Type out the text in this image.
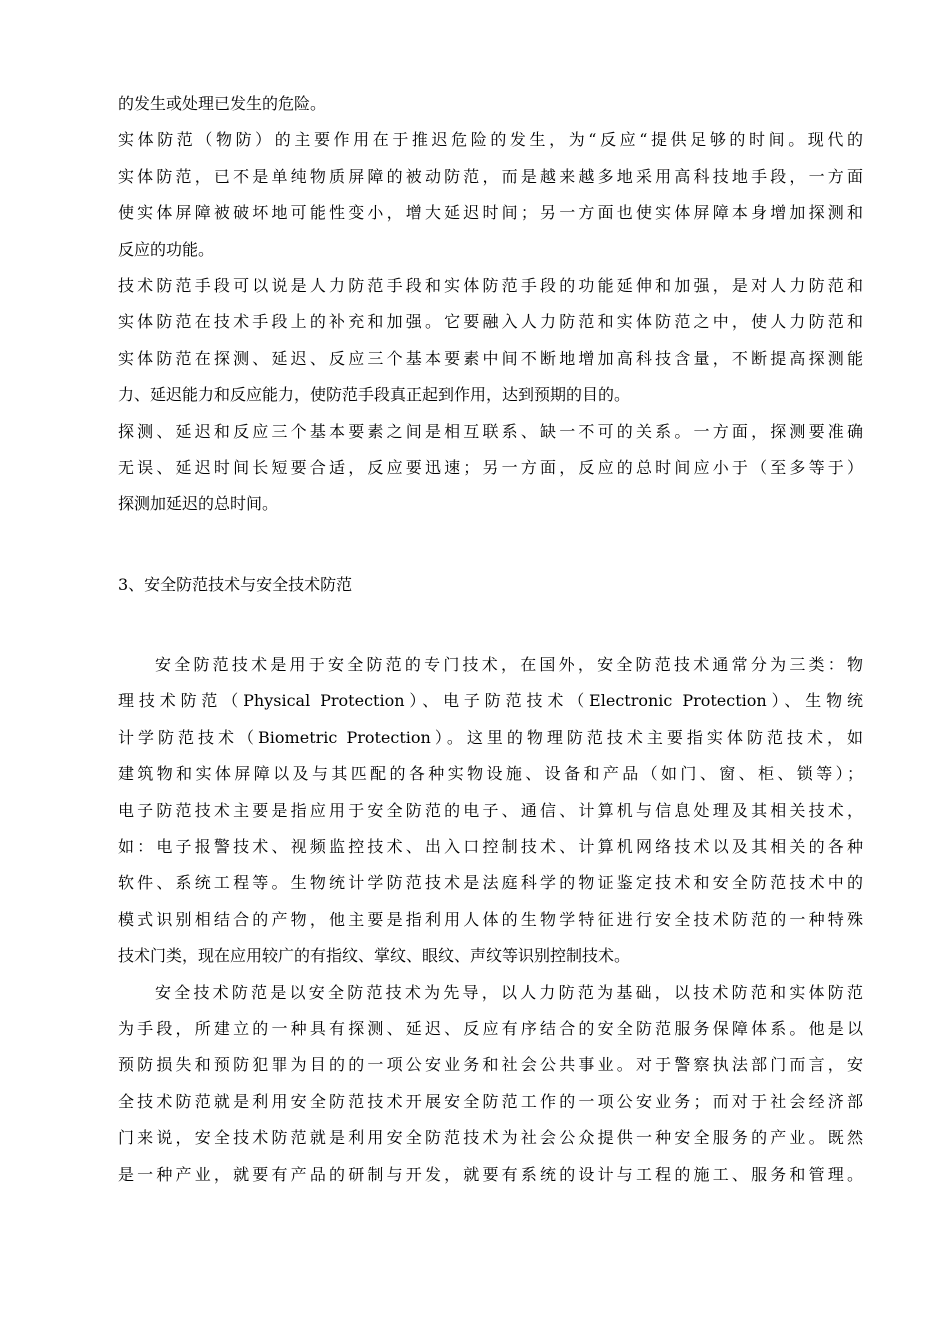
的发生或处理已发生的危险。
实体防范（物防）的主要作用在于推迟危险的发生，为“反应“提供足够的时间。现代的
实体防范，已不是单纯物质屏障的被动防范，而是越来越多地采用高科技地手段，一方面
使实体屏障被破坏地可能性变小，增大延迟时间；另一方面也使实体屏障本身增加探测和
反应的功能。
技术防范手段可以说是人力防范手段和实体防范手段的功能延伸和加强，是对人力防范和
实体防范在技术手段上的补充和加强。它要融入人力防范和实体防范之中，使人力防范和
实体防范在探测、延迟、反应三个基本要素中间不断地增加高科技含量，不断提高探测能
力、延迟能力和反应能力，使防范手段真正起到作用，达到预期的目的。
探测、延迟和反应三个基本要素之间是相互联系、缺一不可的关系。一方面，探测要准确
无误、延迟时间长短要合适，反应要迅速；另一方面，反应的总时间应小于（至多等于）
探测加延迟的总时间。
3、安全防范技术与安全技术防范
安全防范技术是用于安全防范的专门技术，在国外，安全防范技术通常分为三类：物
理技术防范（Physical Protection）、电子防范技术（Electronic Protection）、生物统
计学防范技术（Biometric Protection）。这里的物理防范技术主要指实体防范技术，如
建筑物和实体屏障以及与其匹配的各种实物设施、设备和产品（如门、窗、柜、锁等）；
电子防范技术主要是指应用于安全防范的电子、通信、计算机与信息处理及其相关技术，
如：电子报警技术、视频监控技术、出入口控制技术、计算机网络技术以及其相关的各种
软件、系统工程等。生物统计学防范技术是法庭科学的物证鉴定技术和安全防范技术中的
模式识别相结合的产物，他主要是指利用人体的生物学特征进行安全技术防范的一种特殊
技术门类，现在应用较广的有指纹、掌纹、眼纹、声纹等识别控制技术。
安全技术防范是以安全防范技术为先导，以人力防范为基础，以技术防范和实体防范
为手段，所建立的一种具有探测、延迟、反应有序结合的安全防范服务保障体系。他是以
预防损失和预防犯罪为目的的一项公安业务和社会公共事业。对于警察执法部门而言，安
全技术防范就是利用安全防范技术开展安全防范工作的一项公安业务；而对于社会经济部
门来说，安全技术防范就是利用安全防范技术为社会公众提供一种安全服务的产业。既然
是一种产业，就要有产品的研制与开发，就要有系统的设计与工程的施工、服务和管理。
